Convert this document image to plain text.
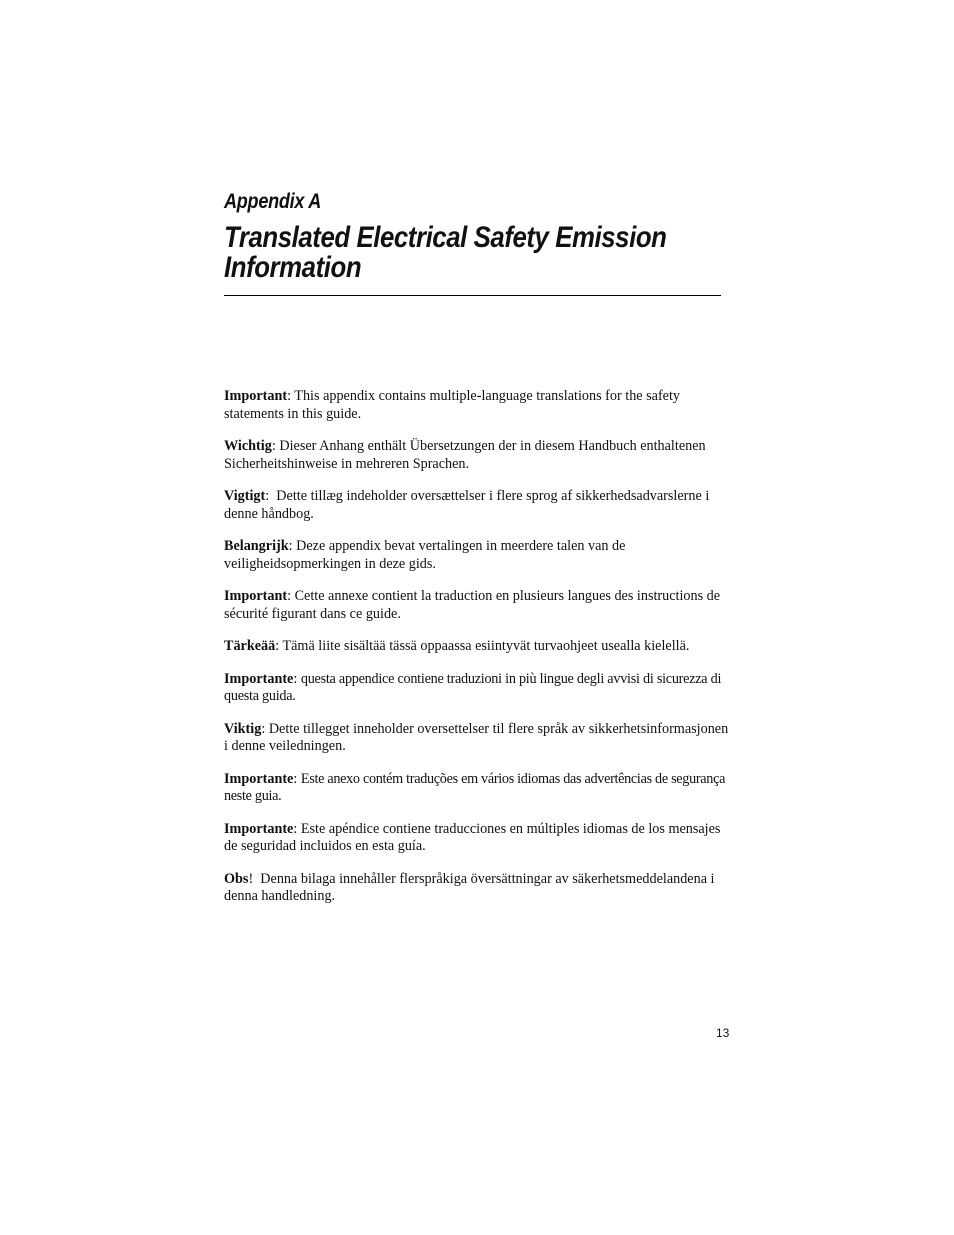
Appendix A
Translated Electrical Safety Emission Information

Important: This appendix contains multiple-language translations for the safety statements in this guide.

Wichtig: Dieser Anhang enthält Übersetzungen der in diesem Handbuch enthaltenen Sicherheitshinweise in mehreren Sprachen.

Vigtigt:  Dette tillæg indeholder oversættelser i flere sprog af sikkerhedsadvarslerne i denne håndbog.

Belangrijk: Deze appendix bevat vertalingen in meerdere talen van de veiligheidsopmerkingen in deze gids.

Important: Cette annexe contient la traduction en plusieurs langues des instructions de sécurité figurant dans ce guide.

Tärkeää: Tämä liite sisältää tässä oppaassa esiintyvät turvaohjeet usealla kielellä.

Importante: questa appendice contiene traduzioni in più lingue degli avvisi di sicurezza di questa guida.

Viktig: Dette tillegget inneholder oversettelser til flere språk av sikkerhetsinformasjonen i denne veiledningen.

Importante: Este anexo contém traduções em vários idiomas das advertências de segurança neste guia.

Importante: Este apéndice contiene traducciones en múltiples idiomas de los mensajes de seguridad incluidos en esta guía.

Obs!  Denna bilaga innehåller flerspråkiga översättningar av säkerhetsmeddelandena i denna handledning.

13
